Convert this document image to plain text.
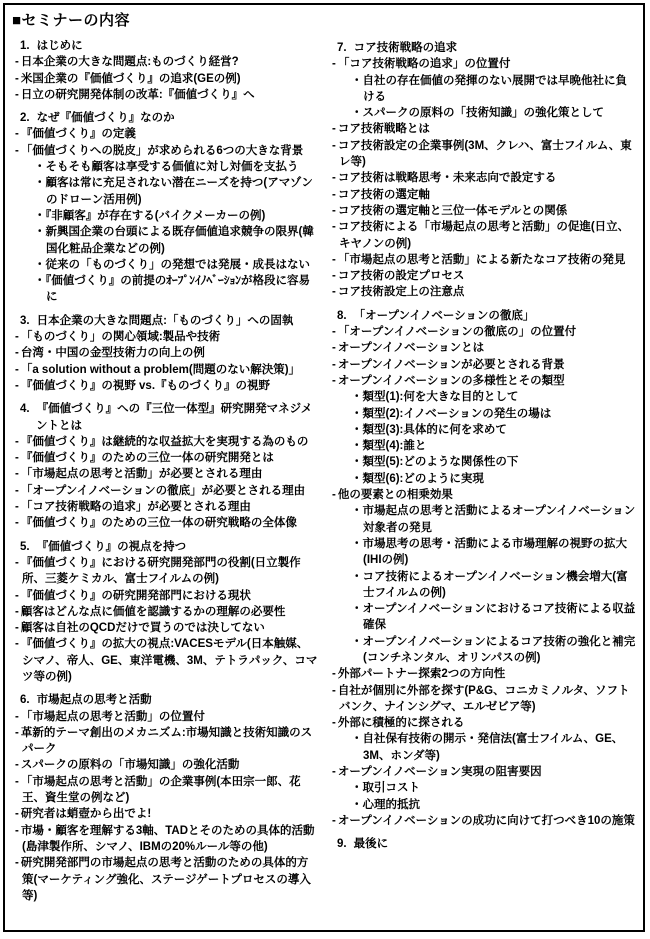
■セミナーの内容
1. はじめに
- 日本企業の大きな問題点:ものづくり経営?
- 米国企業の『価値づくり』の追求(GEの例)
- 日立の研究開発体制の改革:『価値づくり』へ
2. なぜ『価値づくり』なのか
- 『価値づくり』の定義
- 「価値づくりへの脱皮」が求められる6つの大きな背景
・そもそも顧客は享受する価値に対し対価を支払う
・顧客は常に充足されない潜在ニーズを持つ(アマゾンのドローン活用例)
・『非顧客』が存在する(バイクメーカーの例)
・新興国企業の台頭による既存価値追求競争の限界(韓国化粧品企業などの例)
・従来の「ものづくり」の発想では発展・成長はない
・『価値づくり』の前提のｵｰﾌﾟﾝｲﾉﾍﾞｰｼｮﾝが格段に容易に
3. 日本企業の大きな問題点:「ものづくり」への固執
- 「ものづくり」の関心領域:製品や技術
- 台湾・中国の金型技術力の向上の例
- 「a solution without a problem(問題のない解決策)」
- 『価値づくり』の視野 vs.『ものづくり』の視野
4. 『価値づくり』への『三位一体型』研究開発マネジメントとは
- 『価値づくり』は継続的な収益拡大を実現する為のもの
- 『価値づくり』のための三位一体の研究開発とは
- 「市場起点の思考と活動」が必要とされる理由
- 「オープンイノベーションの徹底」が必要とされる理由
- 「コア技術戦略の追求」が必要とされる理由
- 『価値づくり』のための三位一体の研究戦略の全体像
5. 『価値づくり』の視点を持つ
- 『価値づくり』における研究開発部門の役割(日立製作所、三菱ケミカル、富士フイルムの例)
- 『価値づくり』の研究開発部門における現状
- 顧客はどんな点に価値を認識するかの理解の必要性
- 顧客は自社のQCDだけで買うのでは決してない
- 『価値づくり』の拡大の視点:VACESモデル(日本触媒、シマノ、帝人、GE、東洋電機、3M、テトラパック、コマツ等の例)
6. 市場起点の思考と活動
- 「市場起点の思考と活動」の位置付
- 革新的テーマ創出のメカニズム:市場知識と技術知識のスパーク
- スパークの原料の「市場知識」の強化活動
- 「市場起点の思考と活動」の企業事例(本田宗一郎、花王、資生堂の例など)
- 研究者は蛸壺から出でよ!
- 市場・顧客を理解する3軸、TADとそのための具体的活動(島津製作所、シマノ、IBMの20%ルール等の他)
- 研究開発部門の市場起点の思考と活動のための具体的方策(マーケティング強化、ステージゲートプロセスの導入等)
7. コア技術戦略の追求
- 「コア技術戦略の追求」の位置付
・自社の存在価値の発揮のない展開では早晩他社に負ける
・スパークの原料の「技術知識」の強化策として
- コア技術戦略とは
- コア技術設定の企業事例(3M、クレハ、富士フイルム、東レ等)
- コア技術は戦略思考・未来志向で設定する
- コア技術の選定軸
- コア技術の選定軸と三位一体モデルとの関係
- コア技術による「市場起点の思考と活動」の促進(日立、キヤノンの例)
- 「市場起点の思考と活動」による新たなコア技術の発見
- コア技術の設定プロセス
- コア技術設定上の注意点
8. 「オープンイノベーションの徹底」
- 「オープンイノベーションの徹底の」の位置付
- オープンイノベーションとは
- オープンイノベーションが必要とされる背景
- オープンイノベーションの多様性とその類型
・類型(1):何を大きな目的として
・類型(2):イノベーションの発生の場は
・類型(3):具体的に何を求めて
・類型(4):誰と
・類型(5):どのような関係性の下
・類型(6):どのように実現
- 他の要素との相乗効果
・市場起点の思考と活動によるオープンイノベーション対象者の発見
・市場思考の思考・活動による市場理解の視野の拡大(IHIの例)
・コア技術によるオープンイノベーション機会増大(富士フイルムの例)
・オープンイノベーションにおけるコア技術による収益確保
・オープンイノベーションによるコア技術の強化と補完(コンチネンタル、オリンパスの例)
- 外部パートナー探索2つの方向性
- 自社が個別に外部を探す(P&G、コニカミノルタ、ソフトバンク、ナインシグマ、エルゼビア等)
- 外部に積極的に探される
・自社保有技術の開示・発信法(富士フイルム、GE、3M、ホンダ等)
- オープンイノベーション実現の阻害要因
・取引コスト
・心理的抵抗
- オープンイノベーションの成功に向けて打つべき10の施策
9. 最後に
